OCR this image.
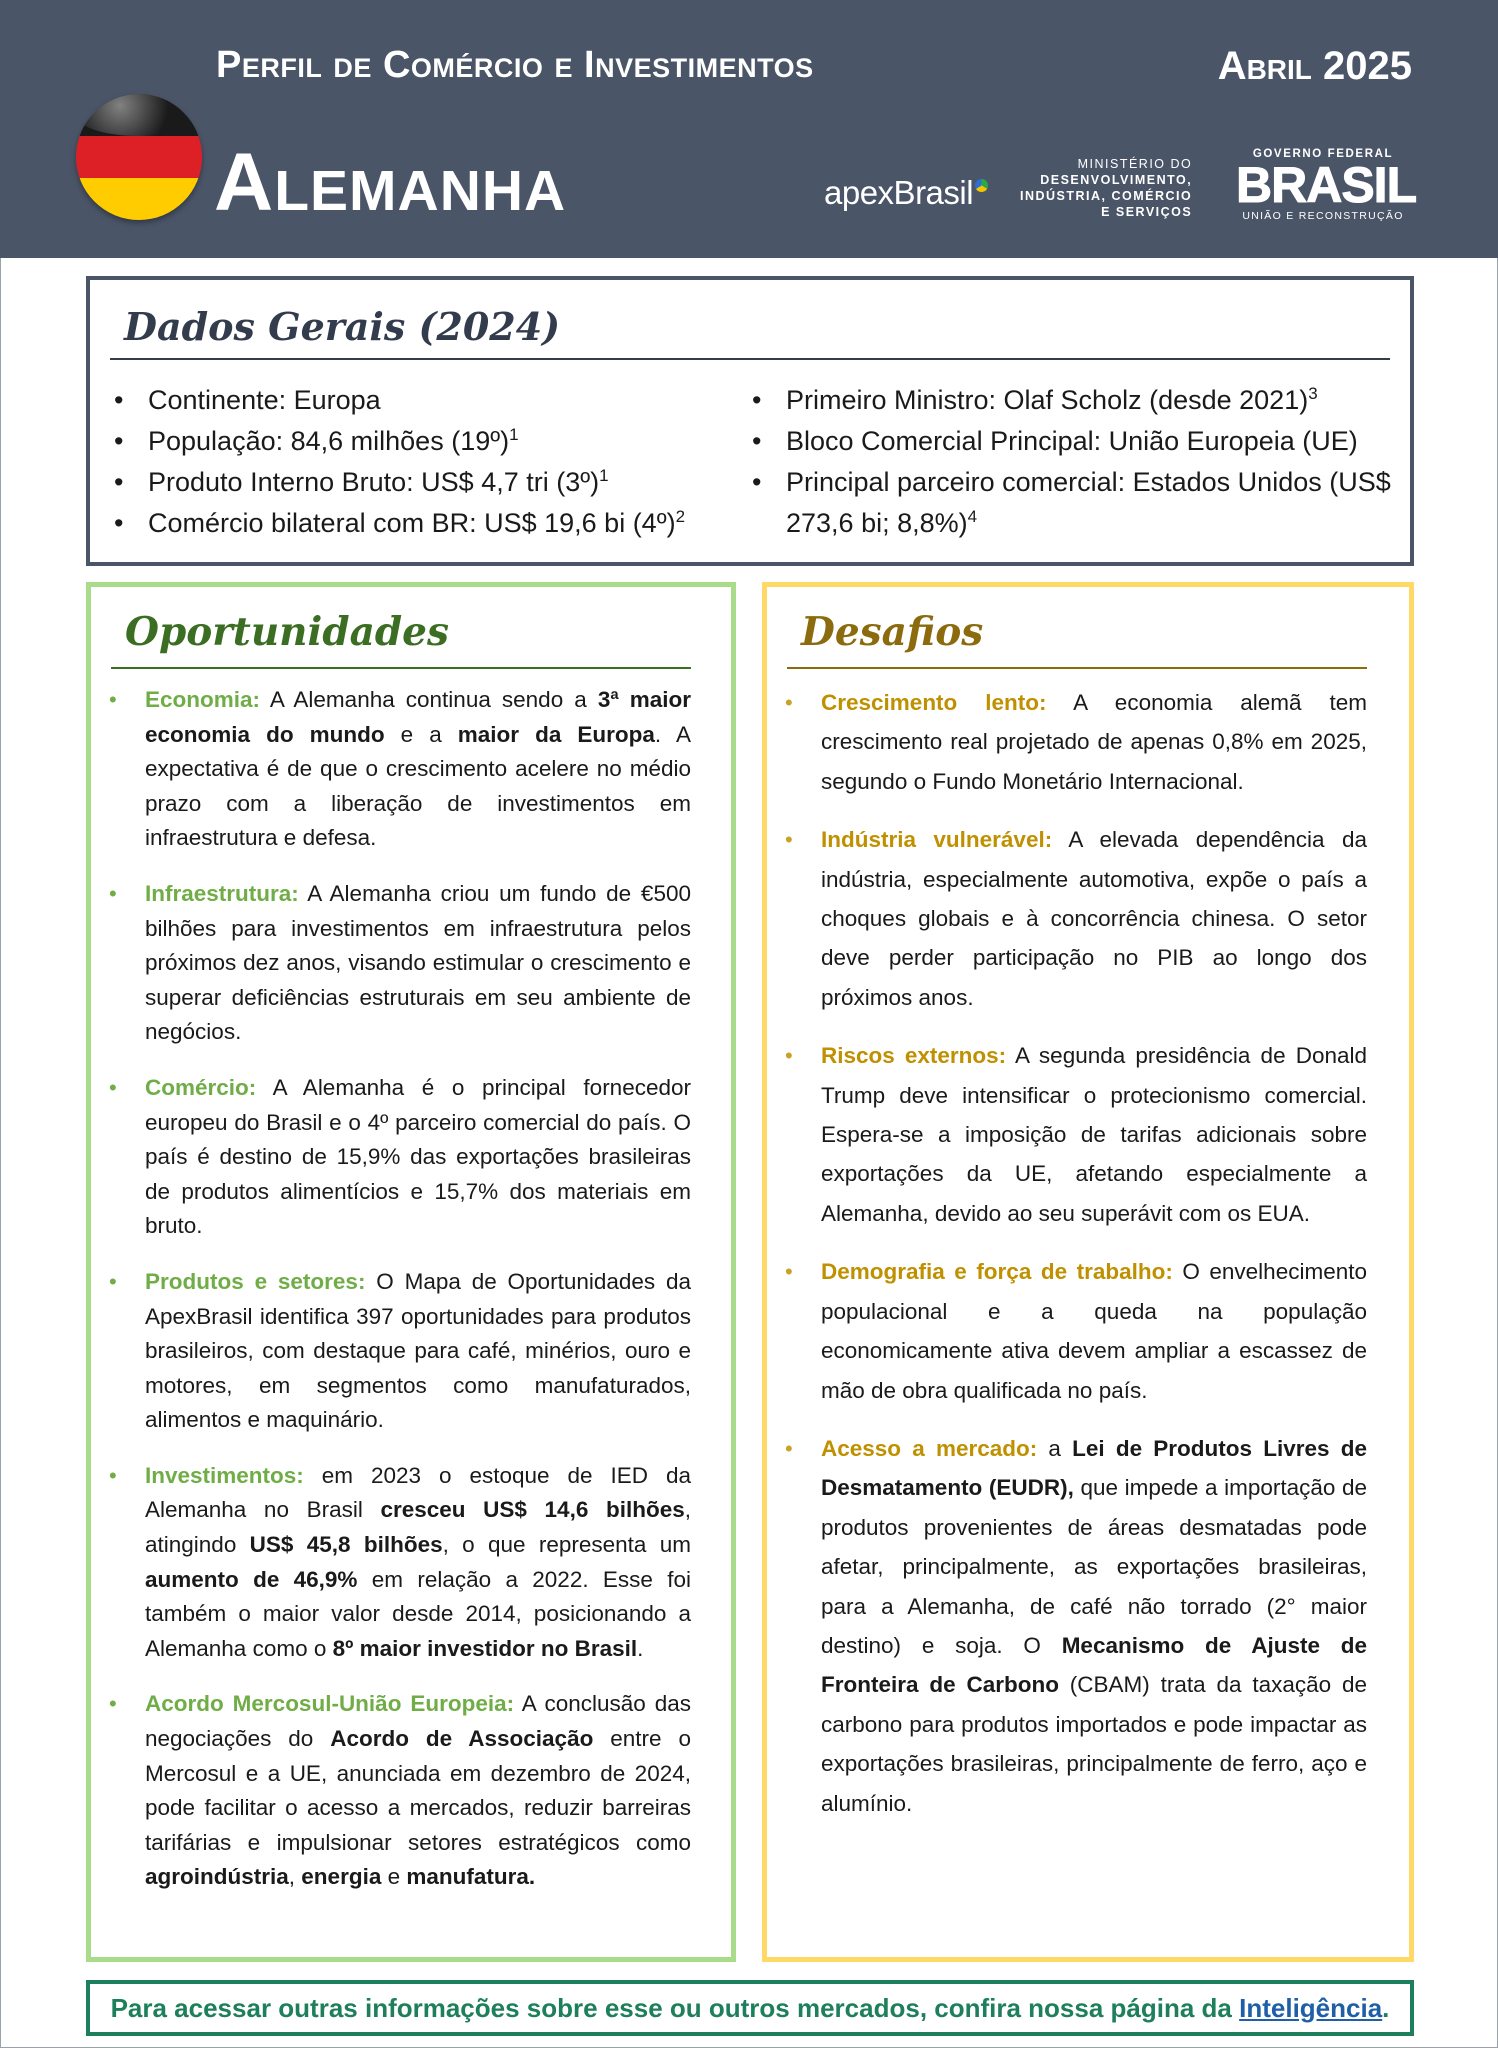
Perfil de Comércio e Investimentos	Abril 2025
Alemanha	apexBrasil
MINISTÉRIO DO
DESENVOLVIMENTO,
INDÚSTRIA, COMÉRCIO
E SERVIÇOS
GOVERNO FEDERAL
BRASIL
UNIÃO E RECONSTRUÇÃO
Dados Gerais (2024)
• Continente: Europa
• População: 84,6 milhões (19º)$^1$
• Produto Interno Bruto: US$ 4,7 tri (3º)$^1$
• Comércio bilateral com BR: US$ 19,6 bi (4º)$^2$
• Primeiro Ministro: Olaf Scholz (desde 2021)$^3$
• Bloco Comercial Principal: União Europeia (UE)
• Principal parceiro comercial: Estados Unidos (US$ 273,6 bi; 8,8%)$^4$
Oportunidades
• Economia: A Alemanha continua sendo a 3ª maior economia do mundo e a maior da Europa. A expectativa é de que o crescimento acelere no médio prazo com a liberação de investimentos em infraestrutura e defesa.
• Infraestrutura: A Alemanha criou um fundo de €500 bilhões para investimentos em infraestrutura pelos próximos dez anos, visando estimular o crescimento e superar deficiências estruturais em seu ambiente de negócios.
• Comércio: A Alemanha é o principal fornecedor europeu do Brasil e o 4º parceiro comercial do país. O país é destino de 15,9% das exportações brasileiras de produtos alimentícios e 15,7% dos materiais em bruto.
• Produtos e setores: O Mapa de Oportunidades da ApexBrasil identifica 397 oportunidades para produtos brasileiros, com destaque para café, minérios, ouro e motores, em segmentos como manufaturados, alimentos e maquinário.
• Investimentos: em 2023 o estoque de IED da Alemanha no Brasil cresceu US$ 14,6 bilhões, atingindo US$ 45,8 bilhões, o que representa um aumento de 46,9% em relação a 2022. Esse foi também o maior valor desde 2014, posicionando a Alemanha como o 8º maior investidor no Brasil.
• Acordo Mercosul-União Europeia: A conclusão das negociações do Acordo de Associação entre o Mercosul e a UE, anunciada em dezembro de 2024, pode facilitar o acesso a mercados, reduzir barreiras tarifárias e impulsionar setores estratégicos como agroindústria, energia e manufatura.
Desafios
• Crescimento lento: A economia alemã tem crescimento real projetado de apenas 0,8% em 2025, segundo o Fundo Monetário Internacional.
• Indústria vulnerável: A elevada dependência da indústria, especialmente automotiva, expõe o país a choques globais e à concorrência chinesa. O setor deve perder participação no PIB ao longo dos próximos anos.
• Riscos externos: A segunda presidência de Donald Trump deve intensificar o protecionismo comercial. Espera-se a imposição de tarifas adicionais sobre exportações da UE, afetando especialmente a Alemanha, devido ao seu superávit com os EUA.
• Demografia e força de trabalho: O envelhecimento populacional e a queda na população economicamente ativa devem ampliar a escassez de mão de obra qualificada no país.
• Acesso a mercado: a Lei de Produtos Livres de Desmatamento (EUDR), que impede a importação de produtos provenientes de áreas desmatadas pode afetar, principalmente, as exportações brasileiras, para a Alemanha, de café não torrado (2° maior destino) e soja. O Mecanismo de Ajuste de Fronteira de Carbono (CBAM) trata da taxação de carbono para produtos importados e pode impactar as exportações brasileiras, principalmente de ferro, aço e alumínio.
Para acessar outras informações sobre esse ou outros mercados, confira nossa página da Inteligência.
